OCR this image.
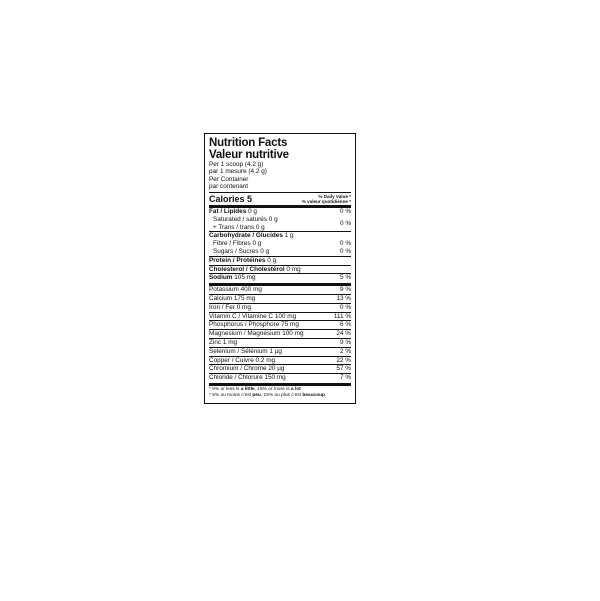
Nutrition Facts
Valeur nutritive
Per 1 scoop (4.2 g)
par 1 mesure (4.2 g)
Per Container
par contenant
Calories 5	% Daily Value *
% valeur quotidienne *
Fat / Lipides 0 g	0 %
Saturated / saturés 0 g
+ Trans / trans 0 g
0 %
Carbohydrate / Glucides 1 g
Fibre / Fibres 0 g	0 %
Sugars / Sucres 0 g	0 %
Protein / Protéines 0 g
Cholesterol / Cholestérol 0 mg
Sodium 105 mg	5 %
Potassium 400 mg	9 %
Calcium 175 mg	13 %
Iron / Fer 0 mg	0 %
Vitamin C / Vitamine C 100 mg	111 %
Phosphorus / Phosphore 75 mg	6 %
Magnesium / Magnésium 100 mg	24 %
Zinc 1 mg	9 %
Selenium / Sélénium 1 µg	2 %
Copper / Cuivre 0.2 mg	22 %
Chromium / Chrome 20 µg	57 %
Chloride / Chlorure 150 mg	7 %
* 5% or less is a little, 15% or more is a lot
* 5% ou moins c'est peu, 15% ou plus c'est beaucoup
